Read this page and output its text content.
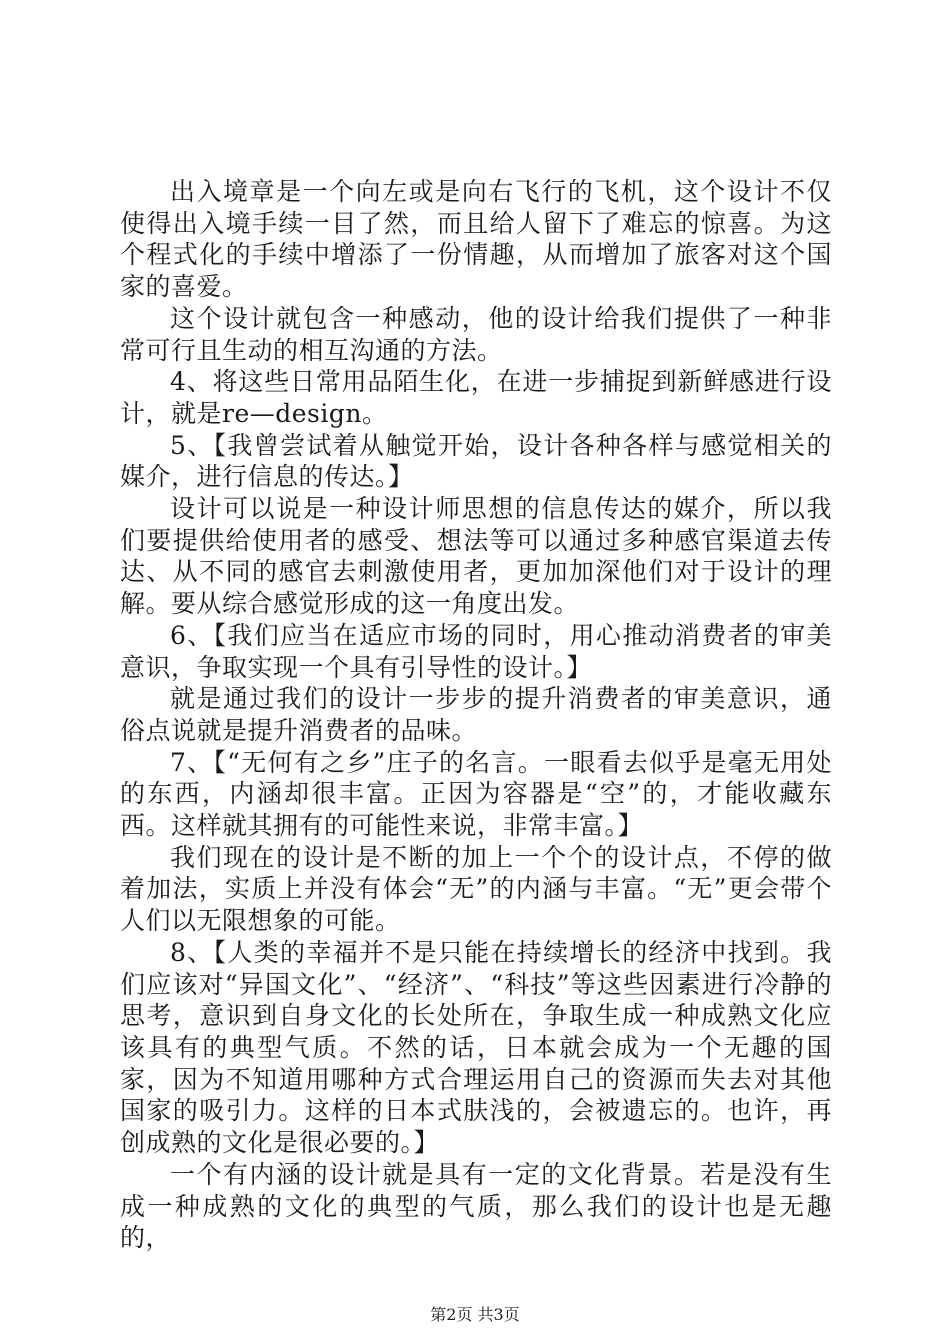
出入境章是一个向左或是向右飞行的飞机，这个设计不仅使得出入境手续一目了然，而且给人留下了难忘的惊喜。为这个程式化的手续中增添了一份情趣，从而增加了旅客对这个国家的喜爱。

这个设计就包含一种感动，他的设计给我们提供了一种非常可行且生动的相互沟通的方法。

4、将这些日常用品陌生化，在进一步捕捉到新鲜感进行设计，就是re—design。

5、【我曾尝试着从触觉开始，设计各种各样与感觉相关的媒介，进行信息的传达。】

设计可以说是一种设计师思想的信息传达的媒介，所以我们要提供给使用者的感受、想法等可以通过多种感官渠道去传达、从不同的感官去刺激使用者，更加加深他们对于设计的理解。要从综合感觉形成的这一角度出发。

6、【我们应当在适应市场的同时，用心推动消费者的审美意识，争取实现一个具有引导性的设计。】

就是通过我们的设计一步步的提升消费者的审美意识，通俗点说就是提升消费者的品味。

7、【“无何有之乡”庄子的名言。一眼看去似乎是毫无用处的东西，内涵却很丰富。正因为容器是“空”的，才能收藏东西。这样就其拥有的可能性来说，非常丰富。】

我们现在的设计是不断的加上一个个的设计点，不停的做着加法，实质上并没有体会“无”的内涵与丰富。“无”更会带个人们以无限想象的可能。

8、【人类的幸福并不是只能在持续增长的经济中找到。我们应该对“异国文化”、“经济”、“科技”等这些因素进行冷静的思考，意识到自身文化的长处所在，争取生成一种成熟文化应该具有的典型气质。不然的话，日本就会成为一个无趣的国家，因为不知道用哪种方式合理运用自己的资源而失去对其他国家的吸引力。这样的日本式肤浅的，会被遗忘的。也许，再创成熟的文化是很必要的。】

一个有内涵的设计就是具有一定的文化背景。若是没有生成一种成熟的文化的典型的气质，那么我们的设计也是无趣的，

第2页 共3页
